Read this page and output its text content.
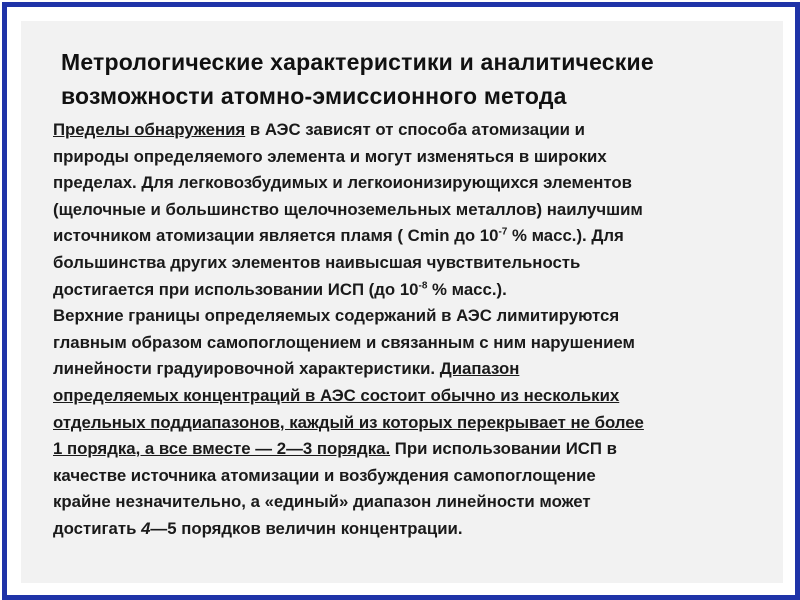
Метрологические характеристики и аналитические
возможности атомно-эмиссионного метода
Пределы обнаружения в АЭС зависят от способа атомизации и
природы определяемого элемента и могут изменяться в широких
пределах. Для легковозбудимых и легкоионизирующихся элементов
(щелочные и большинство щелочноземельных металлов) наилучшим
источником атомизации является пламя ( Cmin до $10^{-7}$ % масс.). Для
большинства других элементов наивысшая чувствительность
достигается при использовании ИСП (до $10^{-8}$ % масс.).
Верхние границы определяемых содержаний в АЭС лимитируются
главным образом самопоглощением и связанным с ним нарушением
линейности градуировочной характеристики. Диапазон
определяемых концентраций в АЭС состоит обычно из нескольких
отдельных поддиапазонов, каждый из которых перекрывает не более
1 порядка, а все вместе — 2—3 порядка. При использовании ИСП в
качестве источника атомизации и возбуждения самопоглощение
крайне незначительно, а «единый» диапазон линейности может
достигать 4—5 порядков величин концентрации.
